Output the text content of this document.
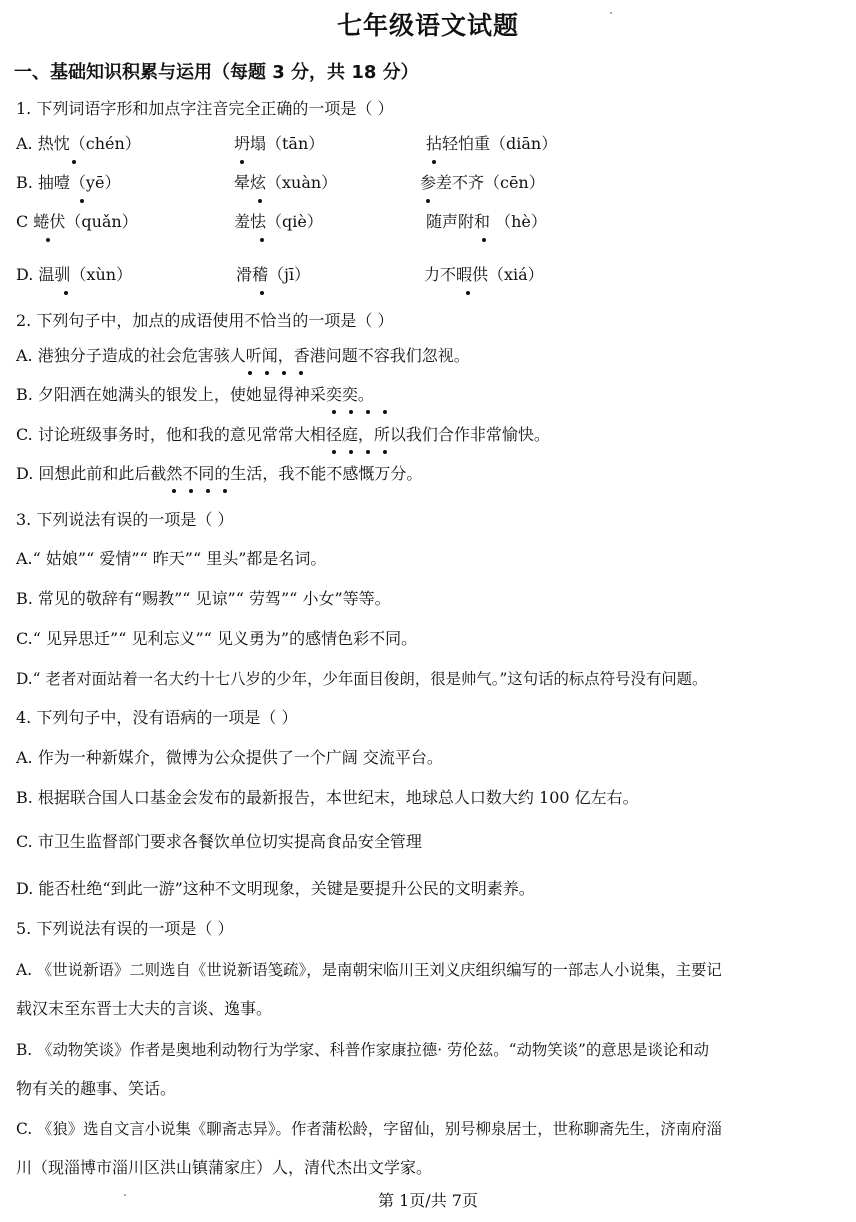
七年级语文试题
一、基础知识积累与运用（每题 3 分，共 18 分）
1. 下列词语字形和加点字注音完全正确的一项是（ ）
A. 热忱（chén）	坍塌（tān）	拈轻怕重（diān）
B. 抽噎（yē）	晕炫（xuàn）	参差不齐（cēn）
C 蜷伏（quǎn）	羞怯（qiè）	随声附和 （hè）
D. 温驯（xùn）	滑稽（jī）	力不暇供（xiá）
2. 下列句子中，加点的成语使用不恰当的一项是（ ）
A. 港独分子造成的社会危害骇人听闻，香港问题不容我们忽视。
B. 夕阳洒在她满头的银发上，使她显得神采奕奕。
C. 讨论班级事务时，他和我的意见常常大相径庭，所以我们合作非常愉快。
D. 回想此前和此后截然不同的生活，我不能不感慨万分。
3. 下列说法有误的一项是（ ）
A.“ 姑娘”“ 爱情”“ 昨天”“ 里头”都是名词。
B. 常见的敬辞有“赐教”“ 见谅”“ 劳驾”“ 小女”等等。
C.“ 见异思迁”“ 见利忘义”“ 见义勇为”的感情色彩不同。
D.“ 老者对面站着一名大约十七八岁的少年，少年面目俊朗，很是帅气。”这句话的标点符号没有问题。
4. 下列句子中，没有语病的一项是（ ）
A. 作为一种新媒介，微博为公众提供了一个广阔 交流平台。
B. 根据联合国人口基金会发布的最新报告，本世纪末，地球总人口数大约 100 亿左右。
C. 市卫生监督部门要求各餐饮单位切实提高食品安全管理
D. 能否杜绝“到此一游”这种不文明现象，关键是要提升公民的文明素养。
5. 下列说法有误的一项是（ ）
A. 《世说新语》二则选自《世说新语笺疏》，是南朝宋临川王刘义庆组织编写的一部志人小说集，主要记
载汉末至东晋士大夫的言谈、逸事。
B. 《动物笑谈》作者是奥地利动物行为学家、科普作家康拉德· 劳伦兹。“动物笑谈”的意思是谈论和动
物有关的趣事、笑话。
C. 《狼》选自文言小说集《聊斋志异》。作者蒲松龄，字留仙，别号柳泉居士，世称聊斋先生，济南府淄
川（现淄博市淄川区洪山镇蒲家庄）人，清代杰出文学家。
第 1页/共 7页
